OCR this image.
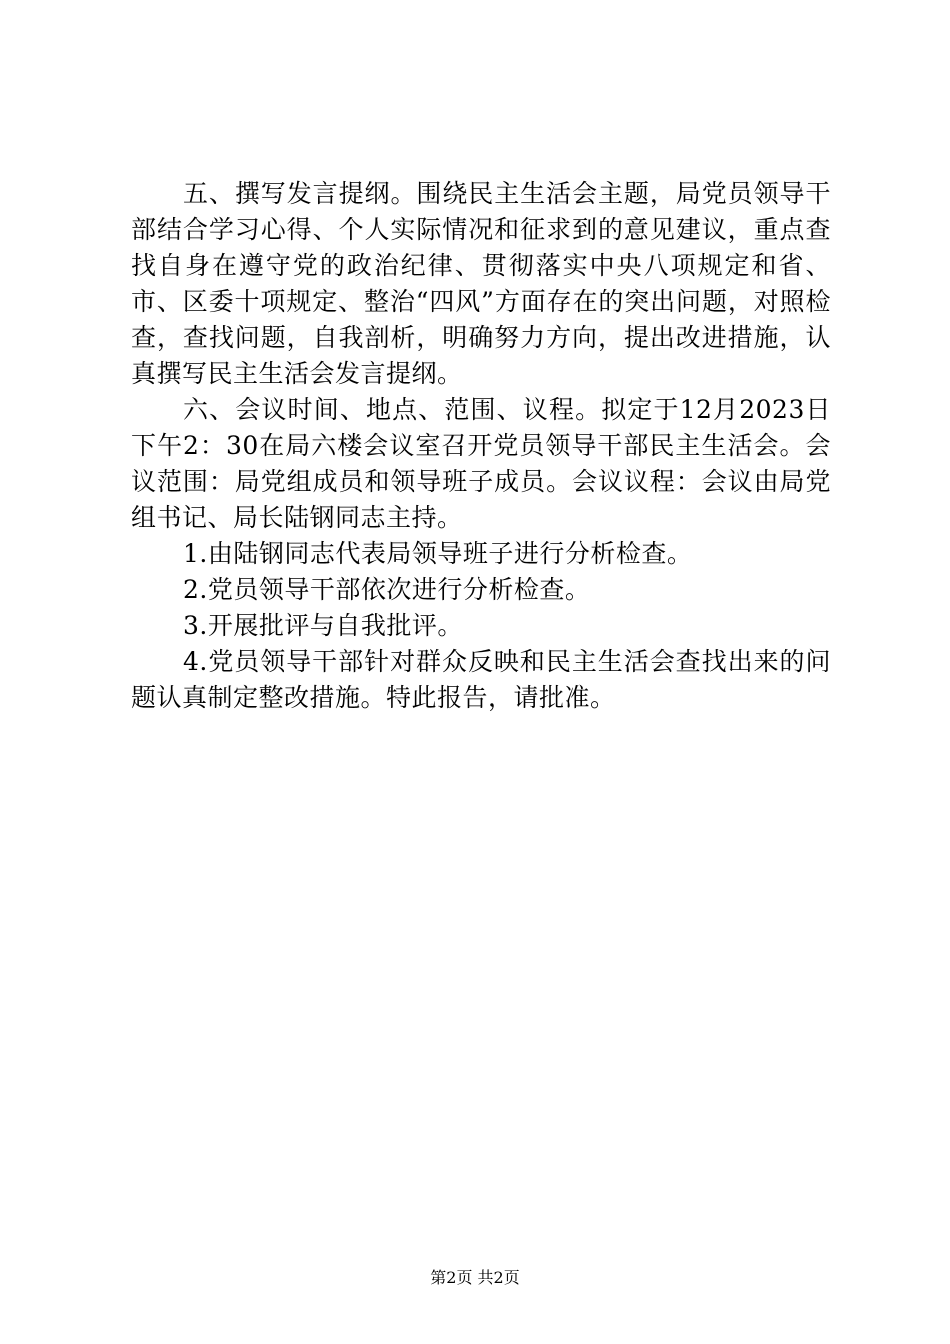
五、撰写发言提纲。围绕民主生活会主题，局党员领导干部结合学习心得、个人实际情况和征求到的意见建议，重点查找自身在遵守党的政治纪律、贯彻落实中央八项规定和省、市、区委十项规定、整治“四风”方面存在的突出问题，对照检查，查找问题，自我剖析，明确努力方向，提出改进措施，认真撰写民主生活会发言提纲。

六、会议时间、地点、范围、议程。拟定于12月2023日下午2：30在局六楼会议室召开党员领导干部民主生活会。会议范围：局党组成员和领导班子成员。会议议程：会议由局党组书记、局长陆钢同志主持。

1.由陆钢同志代表局领导班子进行分析检查。

2.党员领导干部依次进行分析检查。

3.开展批评与自我批评。

4.党员领导干部针对群众反映和民主生活会查找出来的问题认真制定整改措施。特此报告，请批准。

第2页 共2页
